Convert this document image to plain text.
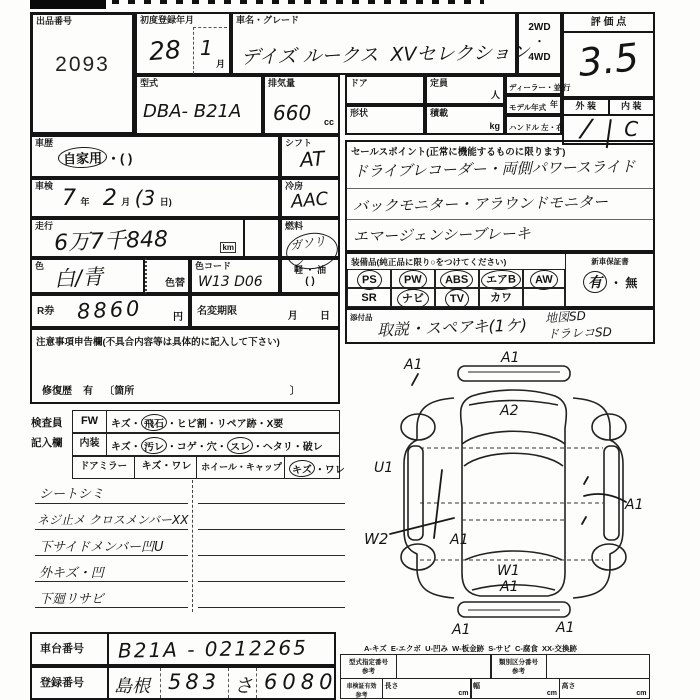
出品番号
2093
初度登録年月
28 1
月
車名・グレード
デイズ ルークス XVセレクション
2WD
・
4WD
評 価 点
3.5
外 装	内 装
/	C
型式
DBA- B21A
排気量
660 cc
ドア	定員
人
形状	積載
kg
ディーラー・並 行
モデル年式 年
ハンドル 左・右
車歴
自家用 ・( )
シフト
AT
車検 7 年 2 月 (3 日)
冷房
AAC
走行
6万7千848	km
燃料
ガソリン
色 白/青	色替
色コード
W13 D06
軽 ・ 油
( )
R券 8860	円
名変期限	月        日
注意事項申告欄(不具合内容等は具体的に記入して下さい)
修復歴 有 〔箇所	〕
検査員
記入欄
FW	キズ・ 飛石 ・ヒビ割・リペア跡・X要
内装	キズ・ 汚レ ・コゲ・穴・ スレ ・ヘタリ・破レ
ドアミラー	キズ・ワレ	ホイール・キャップ キズ ・ワレ
$_{シートシミ}$
$_{ネジ止メ クロスメンバーXX}$
$_{下サイドメンバー凹U}$
$_{外キズ・凹}$
$_{下廻リサビ}$
車台番号 B21A - 0212265
登録番号 島根 583 さ 6080
セールスポイント(正常に機能するものに限ります)
ドライブレコーダー・両側パワースライド
バックモニター・アラウンドモニター
エマージェンシーブレーキ
装備品(純正品に限り○をつけてください)
PS	PW	ABS	エアB	AW
SR	ナビ	TV	カワ
新車保証書
有 ・ 無
添付品 取説・スペアキ(1ケ) 地図SD
ドラレコSD
A1
A1
A2
U1
W2	A1
A1
W1
A1
A1	A1
A-キズ  E-エクボ  U-凹み  W-板金跡  S-サビ  C-腐食  XX-交換跡
型式指定番号
参考
類別区分番号
参考
車検証有効
参考
長さ
cm
幅
cm
高さ
cm
